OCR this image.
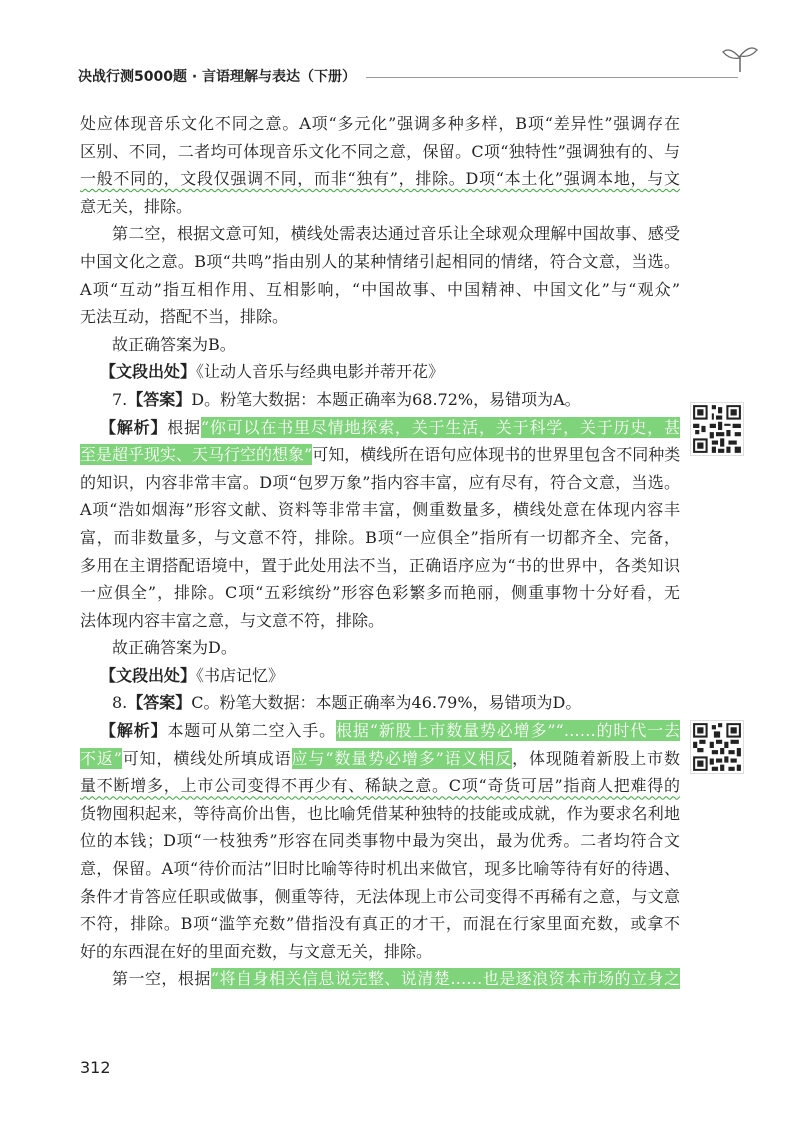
决战行测5000题 · 言语理解与表达（下册）
处应体现音乐文化不同之意。A项“多元化”强调多种多样，B项“差异性”强调存在
区别、不同，二者均可体现音乐文化不同之意，保留。C项“独特性”强调独有的、与
一般不同的，文段仅强调不同，而非“独有”，排除。D项“本土化”强调本地，与文
意无关，排除。
第二空，根据文意可知，横线处需表达通过音乐让全球观众理解中国故事、感受
中国文化之意。B项“共鸣”指由别人的某种情绪引起相同的情绪，符合文意，当选。
A项“互动”指互相作用、互相影响，“中国故事、中国精神、中国文化”与“观众”
无法互动，搭配不当，排除。
故正确答案为B。
【文段出处】《让动人音乐与经典电影并蒂开花》
7.【答案】D。粉笔大数据：本题正确率为68.72%，易错项为A。
【解析】根据“你可以在书里尽情地探索，关于生活，关于科学，关于历史，甚
至是超乎现实、天马行空的想象”可知，横线所在语句应体现书的世界里包含不同种类
的知识，内容非常丰富。D项“包罗万象”指内容丰富，应有尽有，符合文意，当选。
A项“浩如烟海”形容文献、资料等非常丰富，侧重数量多，横线处意在体现内容丰
富，而非数量多，与文意不符，排除。B项“一应俱全”指所有一切都齐全、完备，
多用在主谓搭配语境中，置于此处用法不当，正确语序应为“书的世界中，各类知识
一应俱全”，排除。C项“五彩缤纷”形容色彩繁多而艳丽，侧重事物十分好看，无
法体现内容丰富之意，与文意不符，排除。
故正确答案为D。
【文段出处】《书店记忆》
8.【答案】C。粉笔大数据：本题正确率为46.79%，易错项为D。
【解析】本题可从第二空入手。根据“新股上市数量势必增多”“……的时代一去
不返”可知，横线处所填成语应与“数量势必增多”语义相反，体现随着新股上市数
量不断增多，上市公司变得不再少有、稀缺之意。C项“奇货可居”指商人把难得的
货物囤积起来，等待高价出售，也比喻凭借某种独特的技能或成就，作为要求名利地
位的本钱；D项“一枝独秀”形容在同类事物中最为突出，最为优秀。二者均符合文
意，保留。A项“待价而沽”旧时比喻等待时机出来做官，现多比喻等待有好的待遇、
条件才肯答应任职或做事，侧重等待，无法体现上市公司变得不再稀有之意，与文意
不符，排除。B项“滥竽充数”借指没有真正的才干，而混在行家里面充数，或拿不
好的东西混在好的里面充数，与文意无关，排除。
第一空，根据“将自身相关信息说完整、说清楚……也是逐浪资本市场的立身之
312
